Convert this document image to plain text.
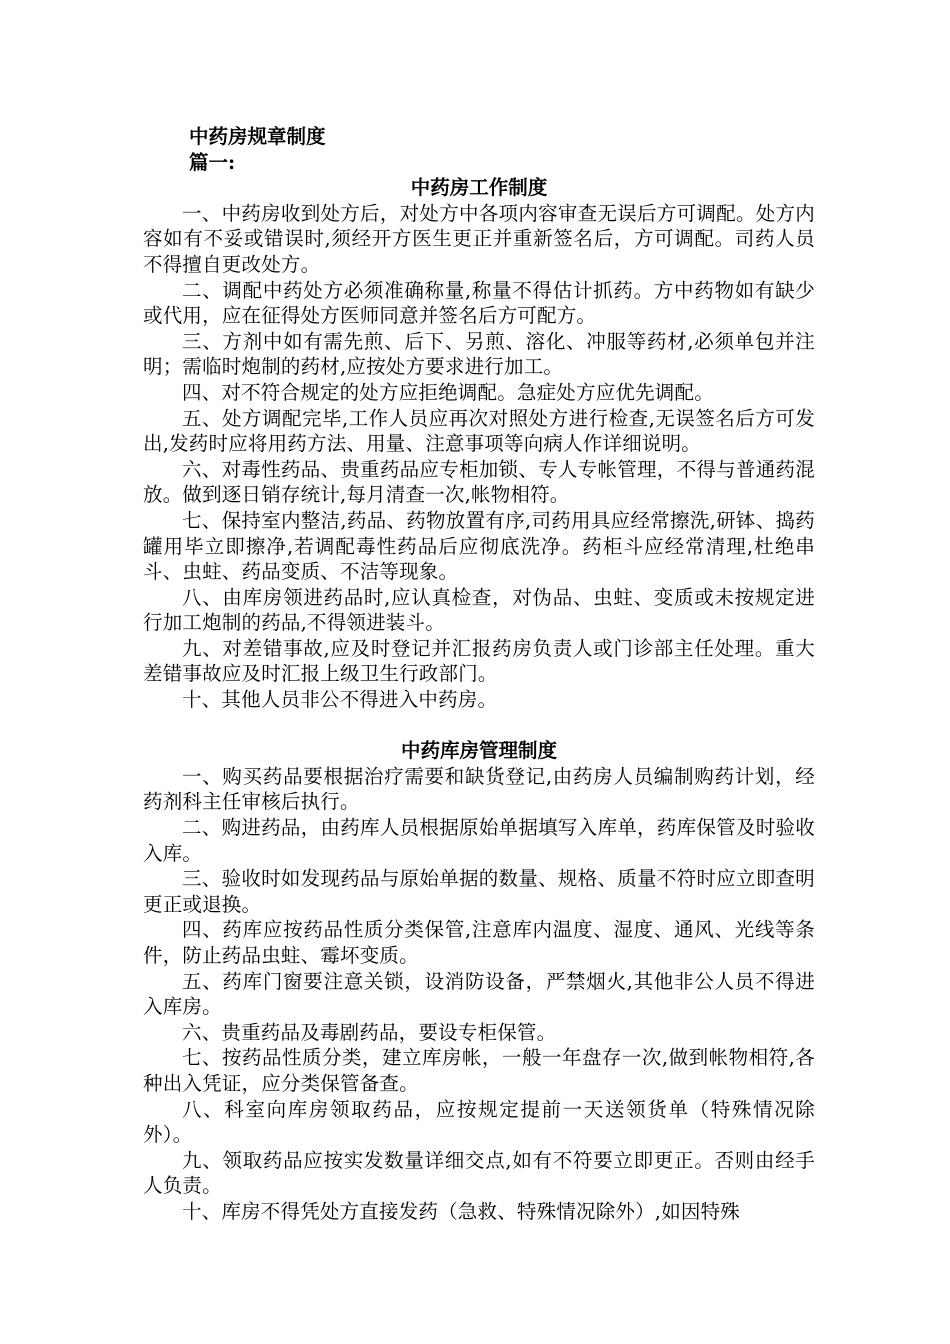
中药房规章制度

篇一:

中药房工作制度

一、中药房收到处方后，对处方中各项内容审查无误后方可调配。处方内容如有不妥或错误时,须经开方医生更正并重新签名后，方可调配。司药人员不得擅自更改处方。

二、调配中药处方必须准确称量,称量不得估计抓药。方中药物如有缺少或代用，应在征得处方医师同意并签名后方可配方。

三、方剂中如有需先煎、后下、另煎、溶化、冲服等药材,必须单包并注明；需临时炮制的药材,应按处方要求进行加工。

四、对不符合规定的处方应拒绝调配。急症处方应优先调配。

五、处方调配完毕,工作人员应再次对照处方进行检查,无误签名后方可发出,发药时应将用药方法、用量、注意事项等向病人作详细说明。

六、对毒性药品、贵重药品应专柜加锁、专人专帐管理，不得与普通药混放。做到逐日销存统计,每月清查一次,帐物相符。

七、保持室内整洁,药品、药物放置有序,司药用具应经常擦洗,研钵、捣药罐用毕立即擦净,若调配毒性药品后应彻底洗净。药柜斗应经常清理,杜绝串斗、虫蛀、药品变质、不洁等现象。

八、由库房领进药品时,应认真检查，对伪品、虫蛀、变质或未按规定进行加工炮制的药品,不得领进装斗。

九、对差错事故,应及时登记并汇报药房负责人或门诊部主任处理。重大差错事故应及时汇报上级卫生行政部门。

十、其他人员非公不得进入中药房。

中药库房管理制度

一、购买药品要根据治疗需要和缺货登记,由药房人员编制购药计划，经药剂科主任审核后执行。

二、购进药品，由药库人员根据原始单据填写入库单，药库保管及时验收入库。

三、验收时如发现药品与原始单据的数量、规格、质量不符时应立即查明更正或退换。

四、药库应按药品性质分类保管,注意库内温度、湿度、通风、光线等条件，防止药品虫蛀、霉坏变质。

五、药库门窗要注意关锁，设消防设备，严禁烟火,其他非公人员不得进入库房。

六、贵重药品及毒剧药品，要设专柜保管。

七、按药品性质分类，建立库房帐，一般一年盘存一次,做到帐物相符,各种出入凭证，应分类保管备查。

八、科室向库房领取药品，应按规定提前一天送领货单（特殊情况除外）。

九、领取药品应按实发数量详细交点,如有不符要立即更正。否则由经手人负责。

十、库房不得凭处方直接发药（急救、特殊情况除外）,如因特殊
